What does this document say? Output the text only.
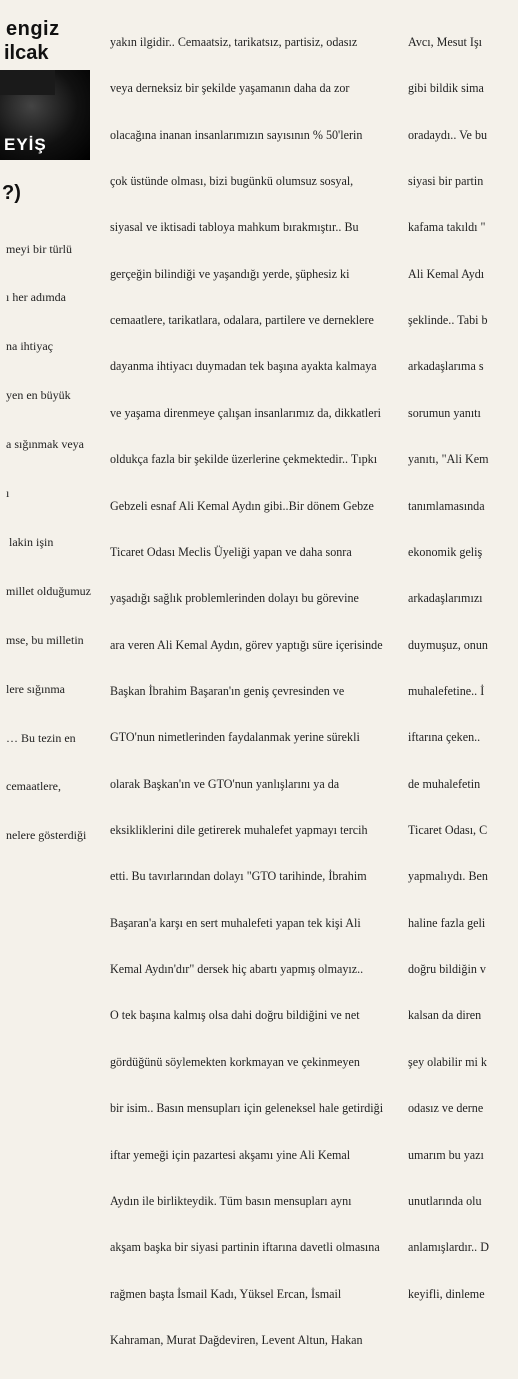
engiz
ilcak
EYİŞ
?)

meyi bir türlü

ı her adımda

na ihtiyaç

yen en büyük

a sığınmak veya

ı

lakin işin

millet olduğumuz

mse, bu milletin

lere sığınma

… Bu tezin en

cemaatlere,

nelere gösterdiği

yakın ilgidir.. Cemaatsiz, tarikatsız, partisiz, odasız

veya derneksiz bir şekilde yaşamanın daha da zor

olacağına inanan insanlarımızın sayısının % 50'lerin

çok üstünde olması, bizi bugünkü olumsuz sosyal,

siyasal ve iktisadi tabloya mahkum bırakmıştır.. Bu

gerçeğin bilindiği ve yaşandığı yerde, şüphesiz ki

cemaatlere, tarikatlara, odalara, partilere ve derneklere

dayanma ihtiyacı duymadan tek başına ayakta kalmaya

ve yaşama direnmeye çalışan insanlarımız da, dikkatleri

oldukça fazla bir şekilde üzerlerine çekmektedir.. Tıpkı

Gebzeli esnaf Ali Kemal Aydın gibi..Bir dönem Gebze

Ticaret Odası Meclis Üyeliği yapan ve daha sonra

yaşadığı sağlık problemlerinden dolayı bu görevine

ara veren Ali Kemal Aydın, görev yaptığı süre içerisinde

Başkan İbrahim Başaran'ın geniş çevresinden ve

GTO'nun nimetlerinden faydalanmak yerine sürekli

olarak Başkan'ın ve GTO'nun yanlışlarını ya da

eksikliklerini dile getirerek muhalefet yapmayı tercih

etti. Bu tavırlarından dolayı "GTO tarihinde, İbrahim

Başaran'a karşı en sert muhalefeti yapan tek kişi Ali

Kemal Aydın'dır" dersek hiç abartı yapmış olmayız..

O tek başına kalmış olsa dahi doğru bildiğini ve net

gördüğünü söylemekten korkmayan ve çekinmeyen

bir isim.. Basın mensupları için geleneksel hale getirdiği

iftar yemeği için pazartesi akşamı yine Ali Kemal

Aydın ile birlikteydik. Tüm basın mensupları aynı

akşam başka bir siyasi partinin iftarına davetli olmasına

rağmen başta İsmail Kadı, Yüksel Ercan, İsmail

Kahraman, Murat Dağdeviren, Levent Altun, Hakan

Avcı, Mesut Işı

gibi bildik sima

oradaydı.. Ve bu

siyasi bir partin

kafama takıldı "

Ali Kemal Aydı

şeklinde.. Tabi b

arkadaşlarıma s

sorumun yanıtı

yanıtı, "Ali Kem

tanımlamasında

ekonomik geliş

arkadaşlarımızı

duymuşuz, onun

muhalefetine.. İ

iftarına çeken..

de muhalefetin

Ticaret Odası, C

yapmalıydı. Ben

haline fazla geli

doğru bildiğin v

kalsan da diren

şey olabilir mi k

odasız ve derne

umarım bu yazı

unutlarında olu

anlamışlardır.. D

keyifli, dinleme
